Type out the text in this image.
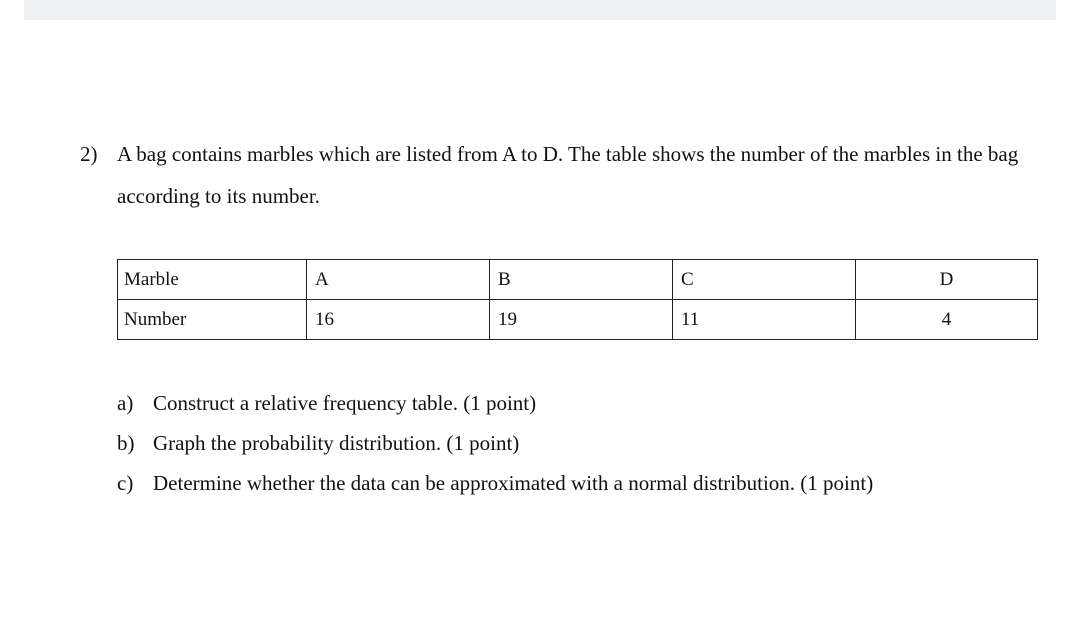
2) A bag contains marbles which are listed from A to D. The table shows the number of the marbles in the bag according to its number.
Marble	A	B	C	D
Number	16	19	11	4
a) Construct a relative frequency table. (1 point)
b) Graph the probability distribution. (1 point)
c) Determine whether the data can be approximated with a normal distribution. (1 point)
